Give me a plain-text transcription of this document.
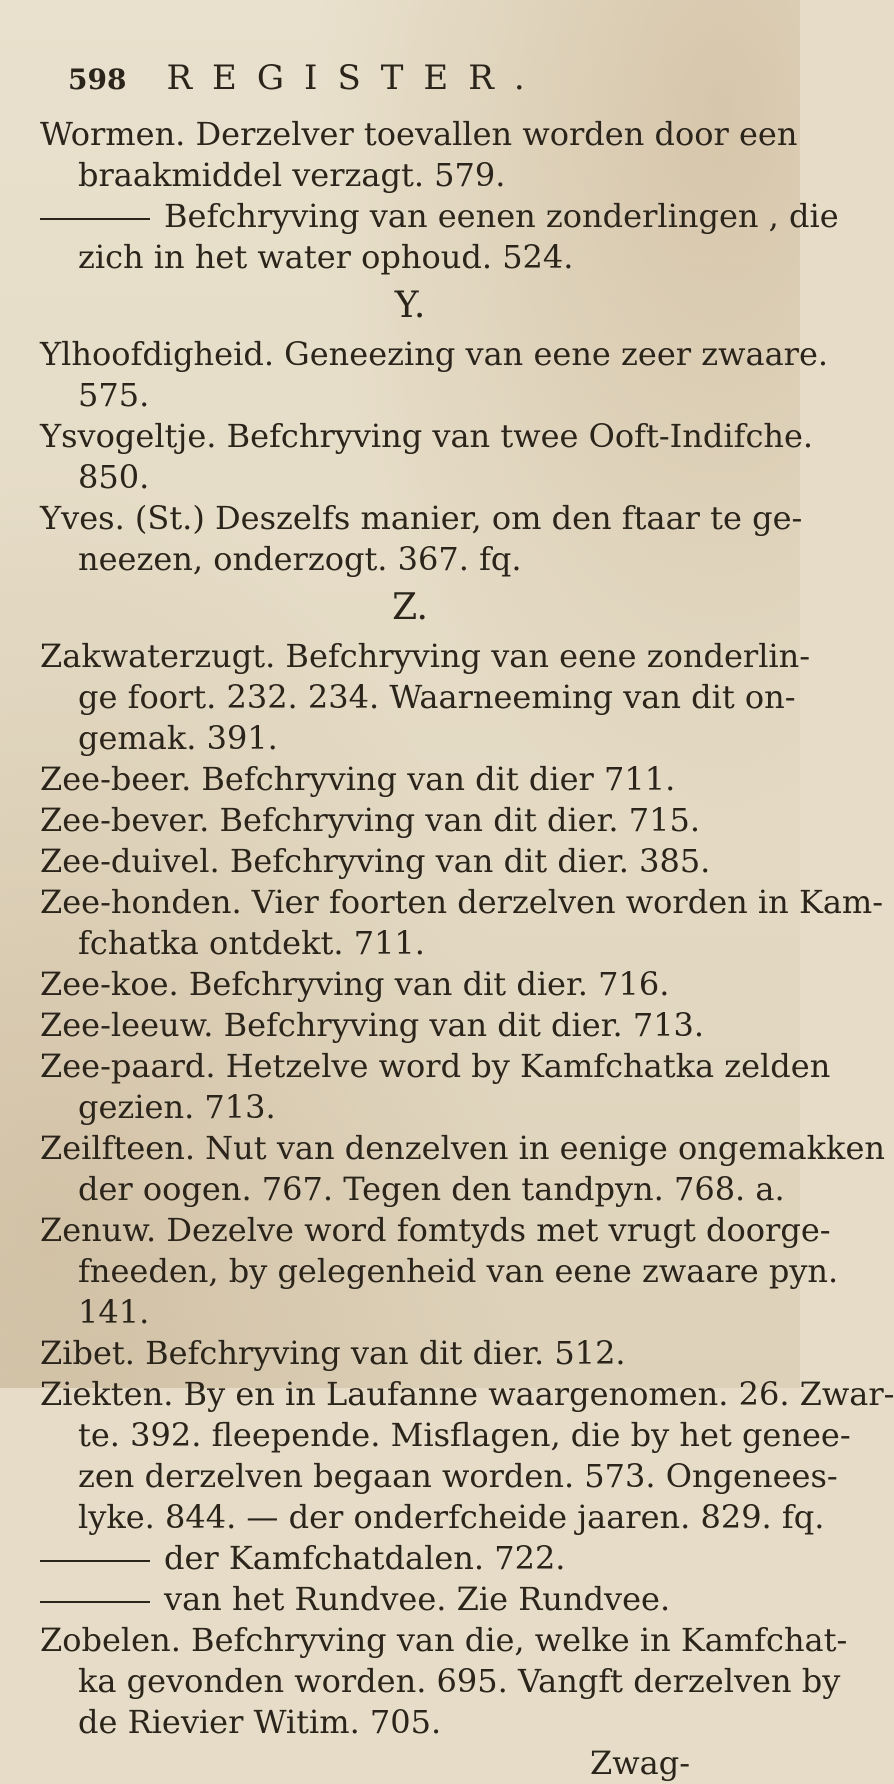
598 REGISTER.
Wormen. Derzelver toevallen worden door een
braakmiddel verzagt. 579.
Befchryving van eenen zonderlingen , die
zich in het water ophoud. 524.
Y.
Ylhoofdigheid. Geneezing van eene zeer zwaare.
575.
Ysvogeltje. Befchryving van twee Ooft-Indifche.
850.
Yves. (St.) Deszelfs manier, om den ftaar te ge-
neezen, onderzogt. 367. fq.
Z.
Zakwaterzugt. Befchryving van eene zonderlin-
ge foort. 232. 234. Waarneeming van dit on-
gemak. 391.
Zee-beer. Befchryving van dit dier 711.
Zee-bever. Befchryving van dit dier. 715.
Zee-duivel. Befchryving van dit dier. 385.
Zee-honden. Vier foorten derzelven worden in Kam-
fchatka ontdekt. 711.
Zee-koe. Befchryving van dit dier. 716.
Zee-leeuw. Befchryving van dit dier. 713.
Zee-paard. Hetzelve word by Kamfchatka zelden
gezien. 713.
Zeilfteen. Nut van denzelven in eenige ongemakken
der oogen. 767. Tegen den tandpyn. 768. a.
Zenuw. Dezelve word fomtyds met vrugt doorge-
fneeden, by gelegenheid van eene zwaare pyn.
141.
Zibet. Befchryving van dit dier. 512.
Ziekten. By en in Laufanne waargenomen. 26. Zwar-
te. 392. fleepende. Misflagen, die by het genee-
zen derzelven begaan worden. 573. Ongenees-
lyke. 844. — der onderfcheide jaaren. 829. fq.
der Kamfchatdalen. 722.
van het Rundvee. Zie Rundvee.
Zobelen. Befchryving van die, welke in Kamfchat-
ka gevonden worden. 695. Vangft derzelven by
de Rievier Witim. 705.
Zwag-
